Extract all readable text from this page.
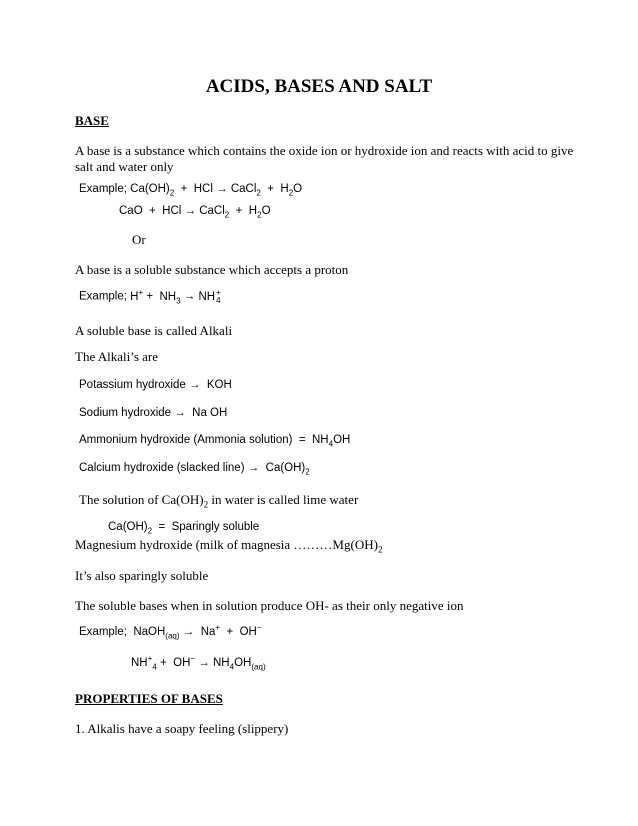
ACIDS, BASES AND SALT
BASE
A base is a substance which contains the oxide ion or hydroxide ion and reacts with acid to give
salt and water only
Example; $Ca(OH)_2$ + HCl → CaCl$_2$ + $H_2O$
CaO + HCl → CaCl$_2$ + $H_2O$
Or
A base is a soluble substance which accepts a proton
Example; $H^+ + NH_3$ → NH +
4
A soluble base is called Alkali
The Alkali’s are
Potassium hydroxide → KOH
Sodium hydroxide → Na OH
Ammonium hydroxide (Ammonia solution) = $NH_4OH$
Calcium hydroxide (slacked line) → $Ca(OH)_2$
The solution of $Ca(OH)_2$ in water is called lime water
$Ca(OH)_2$ = Sparingly soluble
Magnesium hydroxide (milk of magnesia $\dots\dots\dots Mg(OH)_2$
It’s also sparingly soluble
The soluble bases when in solution produce OH- as their only negative ion
Example; NaOH$_{(aq)}$ → Na+ + OH−
$NH^+_4 + OH^- \to NH_4OH_{(aq)}$
PROPERTIES OF BASES
1. Alkalis have a soapy feeling (slippery)
